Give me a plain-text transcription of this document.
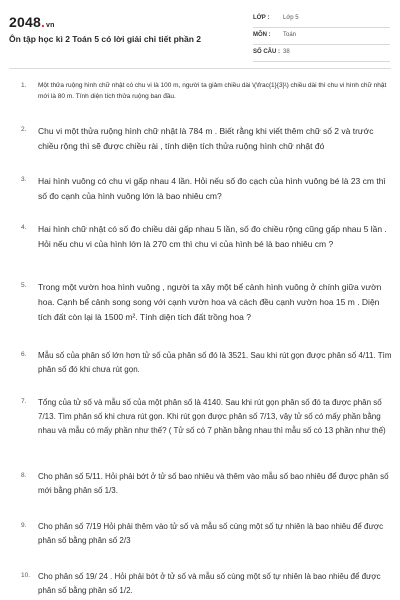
2048.vn
Ôn tập học kì 2 Toán 5 có lời giải chi tiết phần 2
LỚP : Lớp 5
MÔN : Toán
SỐ CÂU : 38
1. Một thửa ruộng hình chữ nhật có chu vi là 100 m, người ta giảm chiều dài \(\frac{1}{3}\) chiều dài thì chu vi hình chữ nhật mới là 80 m. Tính diện tích thửa ruộng ban đầu.
2. Chu vi một thửa ruộng hình chữ nhật là 784 m . Biết rằng khi viết thêm chữ số 2 và trước chiều rộng thì sẽ được chiều rài , tính diện tích thửa ruộng hình chữ nhật đó
3. Hai hình vuông có chu vi gấp nhau 4 lần. Hỏi nếu số đo cạch của hình vuông bé là 23 cm thì số đo cạnh của hình vuông lớn là bao nhiêu cm?
4. Hai hình chữ nhật có số đo chiều dài gấp nhau 5 lần, số đo chiều rộng cũng gấp nhau 5 lần . Hỏi nếu chu vi của hình lớn là 270 cm thì chu vi của hình bé là bao nhiêu cm ?
5. Trong một vườn hoa hình vuông , người ta xây một bể cảnh hình vuông ở chính giữa vườn hoa. Cạnh bể cảnh song song với cạnh vườn hoa và cách đều cạnh vườn hoa 15 m . Diện tích đất còn lại là 1500 m². Tính diện tích đất trồng hoa ?
6. Mẫu số của phân số lớn hơn tử số của phân số đó là 3521. Sau khi rút gọn được phân số 4/11. Tìm phân số đó khi chưa rút gọn.
7. Tổng của tử số và mẫu số của một phân số là 4140. Sau khi rút gọn phân số đó ta được phân số 7/13. Tìm phân số khi chưa rút gọn. Khi rút gọn được phân số 7/13, vậy tử số có mấy phần bằng nhau và mẫu có mấy phần như thế? ( Tử số có 7 phần bằng nhau thì mẫu số có 13 phần như thế)
8. Cho phân số 5/11. Hỏi phải bớt ở tử số bao nhiêu và thêm vào mẫu số bao nhiêu để được phân số mới bằng phân số 1/3.
9. Cho phân số 7/19 Hỏi phải thêm vào tử số và mẫu số cùng một số tự nhiên là bao nhiêu để được phân số bằng phân số 2/3
10. Cho phân số 19/ 24 . Hỏi phải bớt ở tử số và mẫu số cùng một số tự nhiên là bao nhiêu để được phân số bằng phân số 1/2.
